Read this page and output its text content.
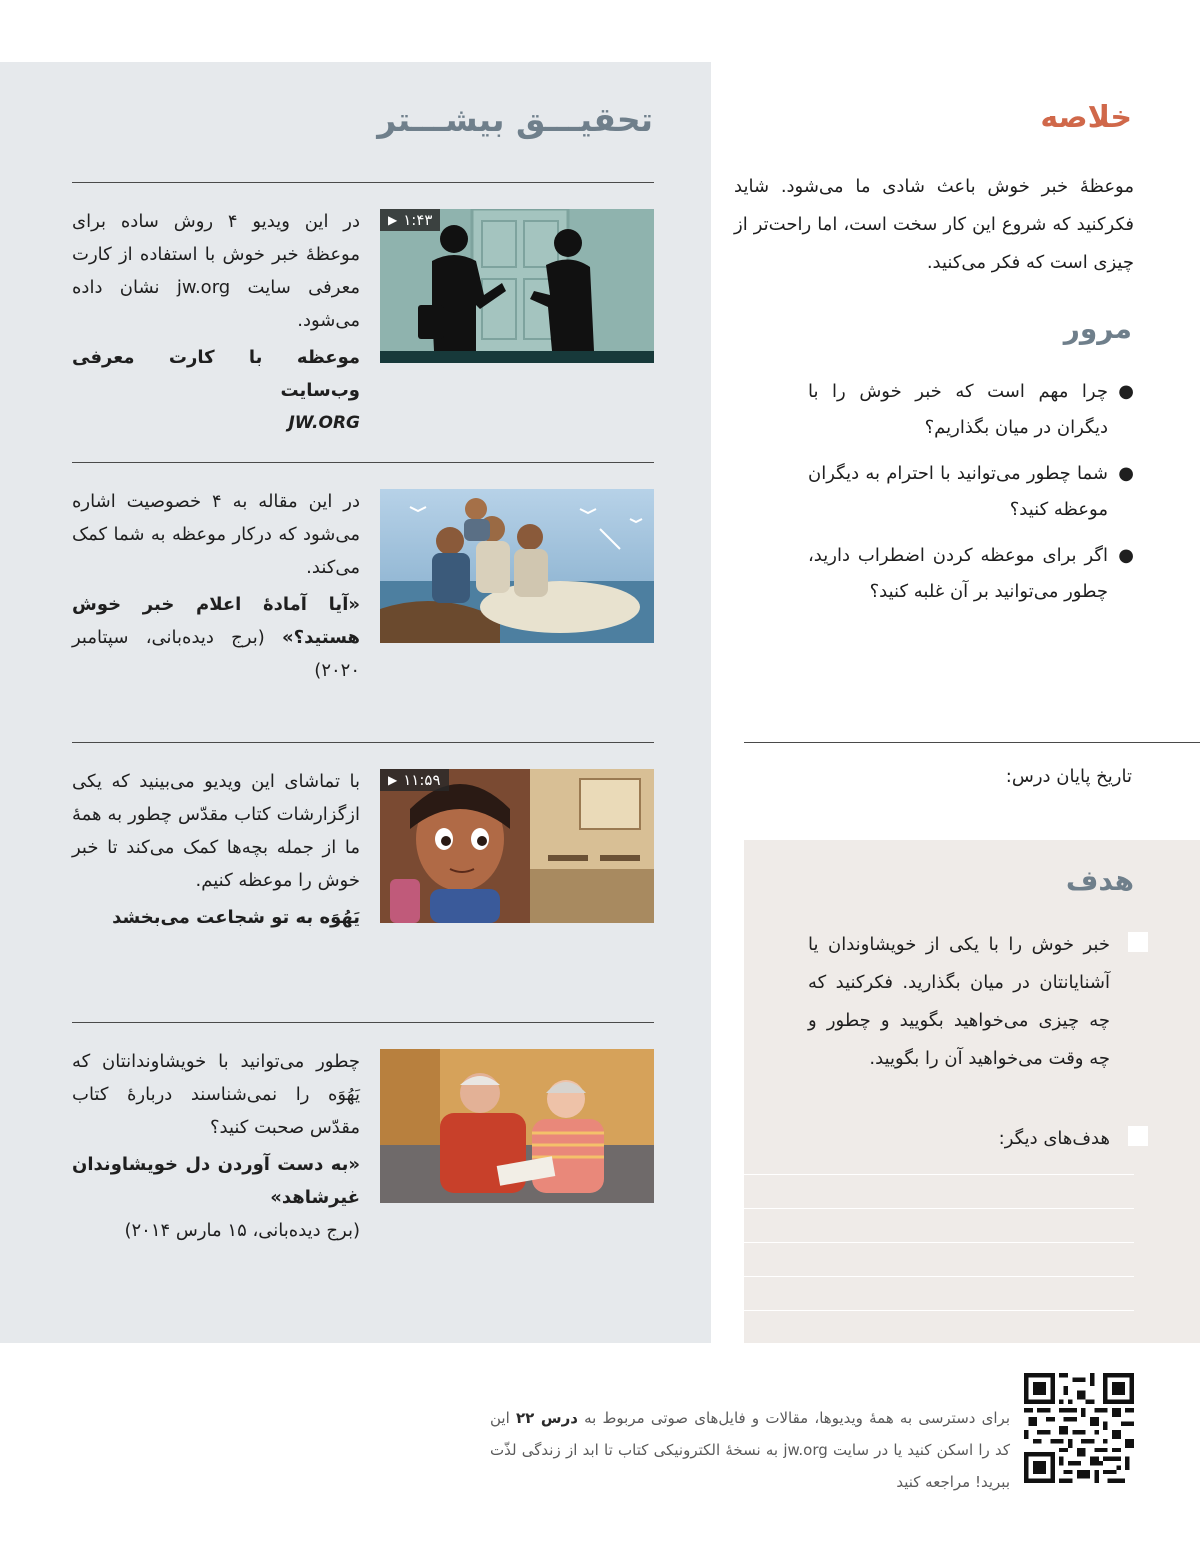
تحقیـــق بیشـــتر
▶ ۱:۴۳

در این ویدیو ۴ روش ساده برای موعظهٔ خبر خوش با استفاده از کارت معرفی سایت jw.org نشان داده می‌شود.

موعظه با کارت معرفی وب‌سایت

JW.ORG

در این مقاله به ۴ خصوصیت اشاره می‌شود که درکار موعظه به شما کمک می‌کند.

«آیا آمادهٔ اعلام خبر خوش هستید؟» (برج دیده‌بانی، سپتامبر ۲۰۲۰)

▶ ۱۱:۵۹

با تماشای این ویدیو می‌بینید که یکی ازگزارشات کتاب مقدّس چطور به همهٔ ما از جمله بچه‌ها کمک می‌کند تا خبر خوش را موعظه کنیم.

یَهُوَه به تو شجاعت می‌بخشد

چطور می‌توانید با خویشاوندانتان که یَهُوَه را نمی‌شناسند دربارهٔ کتاب مقدّس صحبت کنید؟

«به دست آوردن دل خویشاوندان غیرشاهد»

(برج دیده‌بانی، ۱۵ مارس ۲۰۱۴)

خلاصه

موعظهٔ خبر خوش باعث شادی ما می‌شود. شاید فکرکنید که شروع این کار سخت است، اما راحت‌تر از چیزی است که فکر می‌کنید.

مرور
●
چرا مهم است که خبر خوش را با دیگران در میان بگذاریم؟
●
شما چطور می‌توانید با احترام به دیگران موعظه کنید؟
●
اگر برای موعظه کردن اضطراب دارید، چطور می‌توانید بر آن غلبه کنید؟

تاریخ پایان درس:

هدف

خبر خوش را با یکی از خویشاوندان یا آشنایانتان در میان بگذارید. فکرکنید که چه چیزی می‌خواهید بگویید و چطور و چه وقت می‌خواهید آن را بگویید.

هدف‌های دیگر:

برای دسترسی به همهٔ ویدیوها، مقالات و فایل‌های صوتی مربوط به درس ۲۲ این کد را اسکن کنید یا در سایت jw.org به نسخهٔ الکترونیکی کتاب تا ابد از زندگی لذّت ببرید! مراجعه کنید
